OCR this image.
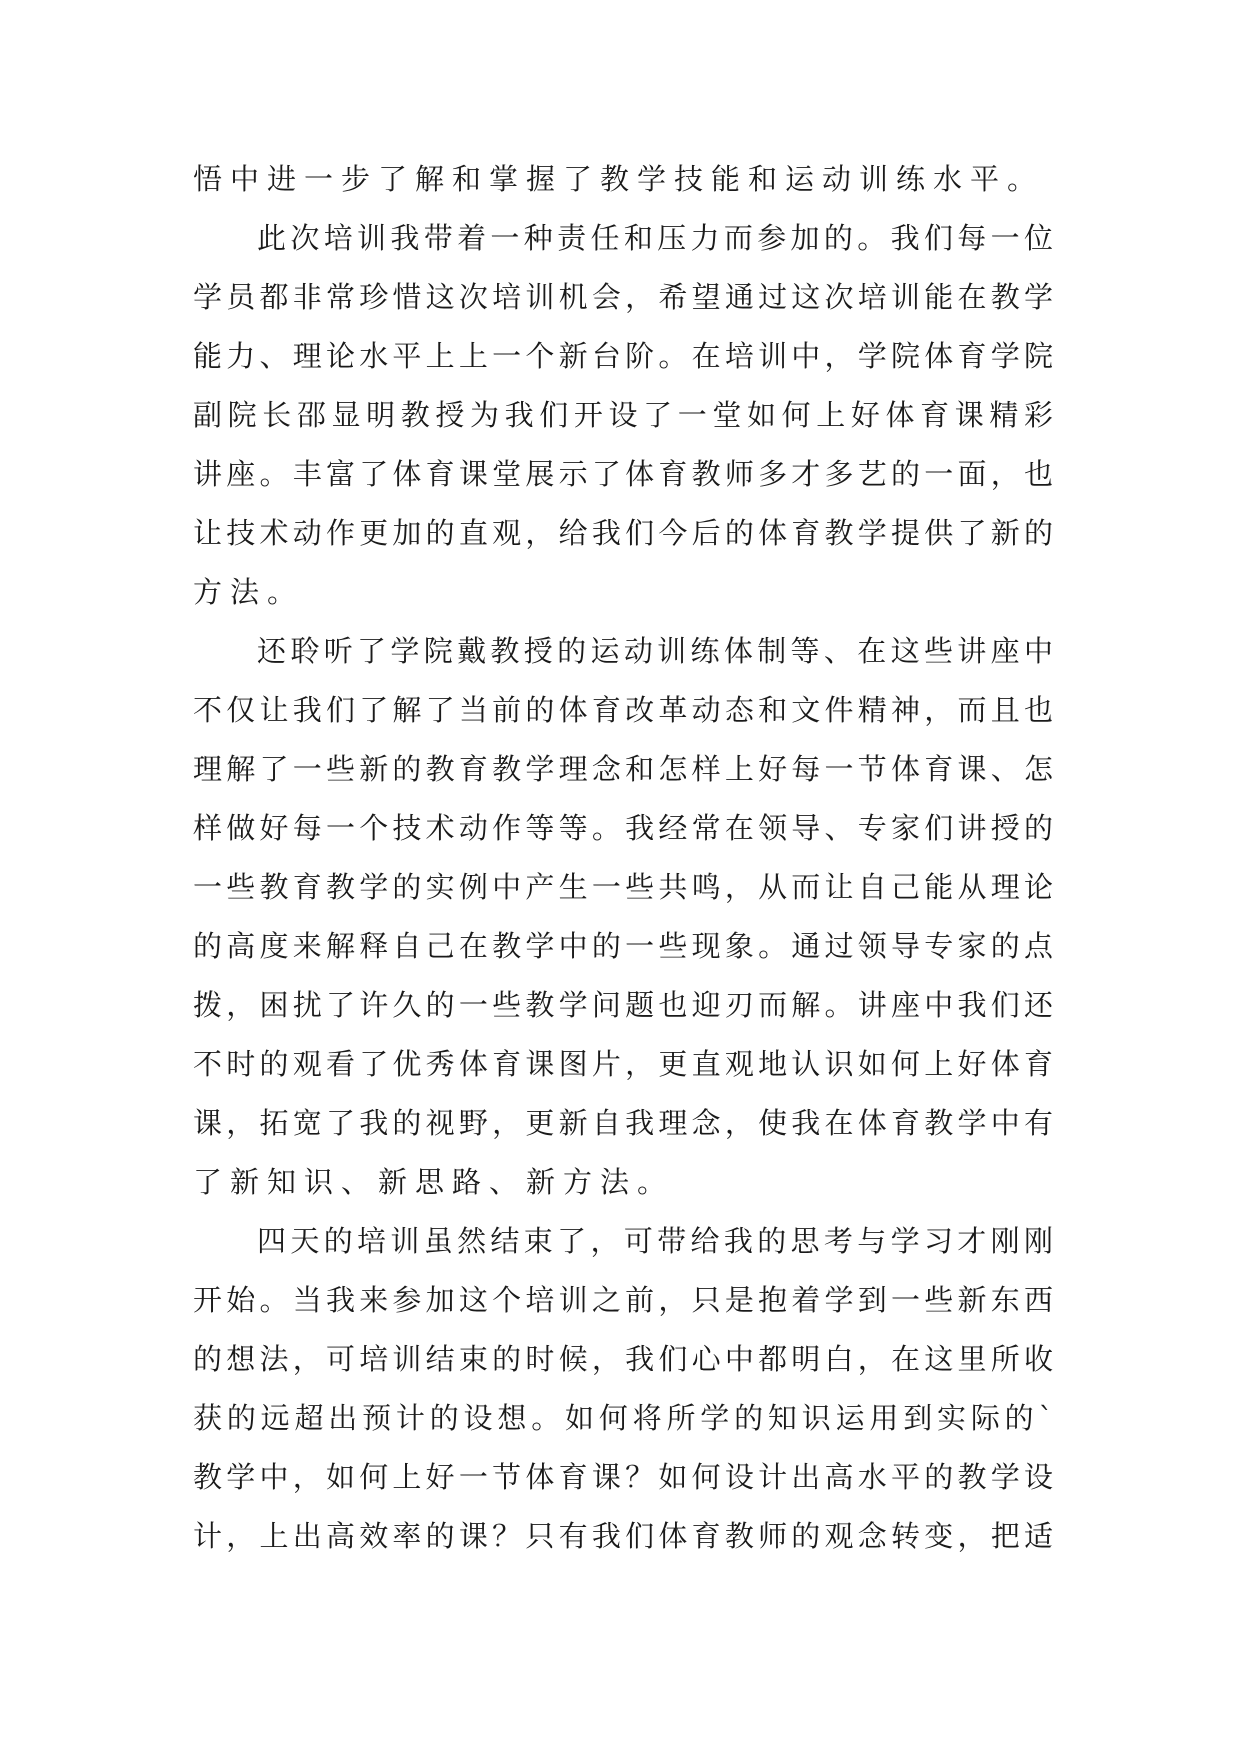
悟中进一步了解和掌握了教学技能和运动训练水平。
此次培训我带着一种责任和压力而参加的。我们每一位
学员都非常珍惜这次培训机会，希望通过这次培训能在教学
能力、理论水平上上一个新台阶。在培训中，学院体育学院
副院长邵显明教授为我们开设了一堂如何上好体育课精彩
讲座。丰富了体育课堂展示了体育教师多才多艺的一面，也
让技术动作更加的直观，给我们今后的体育教学提供了新的
方法。
还聆听了学院戴教授的运动训练体制等、在这些讲座中
不仅让我们了解了当前的体育改革动态和文件精神，而且也
理解了一些新的教育教学理念和怎样上好每一节体育课、怎
样做好每一个技术动作等等。我经常在领导、专家们讲授的
一些教育教学的实例中产生一些共鸣，从而让自己能从理论
的高度来解释自己在教学中的一些现象。通过领导专家的点
拨，困扰了许久的一些教学问题也迎刃而解。讲座中我们还
不时的观看了优秀体育课图片，更直观地认识如何上好体育
课，拓宽了我的视野，更新自我理念，使我在体育教学中有
了新知识、新思路、新方法。
四天的培训虽然结束了，可带给我的思考与学习才刚刚
开始。当我来参加这个培训之前，只是抱着学到一些新东西
的想法，可培训结束的时候，我们心中都明白，在这里所收
获的远超出预计的设想。如何将所学的知识运用到实际的`
教学中，如何上好一节体育课？如何设计出高水平的教学设
计，上出高效率的课？只有我们体育教师的观念转变，把适
